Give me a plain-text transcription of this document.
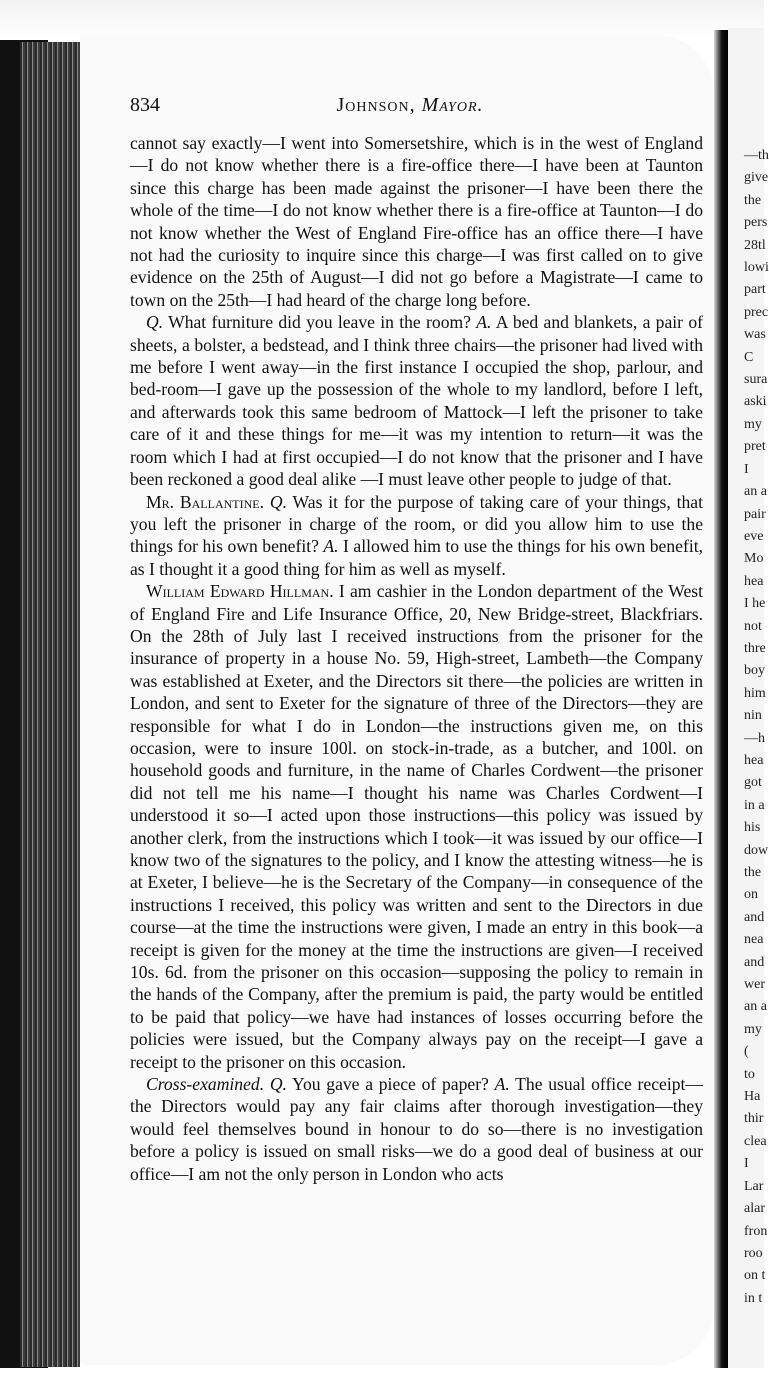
834	Johnson, Mayor.

cannot say exactly—I went into Somersetshire, which is in the west of England—I do not know whether there is a fire-office there—I have been at Taunton since this charge has been made against the prisoner—I have been there the whole of the time—I do not know whether there is a fire-office at Taunton—I do not know whether the West of England Fire-office has an office there—I have not had the curiosity to inquire since this charge—I was first called on to give evidence on the 25th of August—I did not go before a Magistrate—I came to town on the 25th—I had heard of the charge long before.

Q. What furniture did you leave in the room? A. A bed and blankets, a pair of sheets, a bolster, a bedstead, and I think three chairs—the prisoner had lived with me before I went away—in the first instance I occupied the shop, parlour, and bed-room—I gave up the possession of the whole to my landlord, before I left, and afterwards took this same bedroom of Mattock—I left the prisoner to take care of it and these things for me—it was my intention to return—it was the room which I had at first occupied—I do not know that the prisoner and I have been reckoned a good deal alike —I must leave other people to judge of that.

Mr. Ballantine. Q. Was it for the purpose of taking care of your things, that you left the prisoner in charge of the room, or did you allow him to use the things for his own benefit? A. I allowed him to use the things for his own benefit, as I thought it a good thing for him as well as myself.

William Edward Hillman. I am cashier in the London department of the West of England Fire and Life Insurance Office, 20, New Bridge-street, Blackfriars. On the 28th of July last I received instructions from the prisoner for the insurance of property in a house No. 59, High-street, Lambeth—the Company was established at Exeter, and the Directors sit there—the policies are written in London, and sent to Exeter for the signature of three of the Directors—they are responsible for what I do in London—the instructions given me, on this occasion, were to insure 100l. on stock-in-trade, as a butcher, and 100l. on household goods and furniture, in the name of Charles Cordwent—the prisoner did not tell me his name—I thought his name was Charles Cordwent—I understood it so—I acted upon those instructions—this policy was issued by another clerk, from the instructions which I took—it was issued by our office—I know two of the signatures to the policy, and I know the attesting witness—he is at Exeter, I believe—he is the Secretary of the Company—in consequence of the instructions I received, this policy was written and sent to the Directors in due course—at the time the instructions were given, I made an entry in this book—a receipt is given for the money at the time the instructions are given—I received 10s. 6d. from the prisoner on this occasion—supposing the policy to remain in the hands of the Company, after the premium is paid, the party would be entitled to be paid that policy—we have had instances of losses occurring before the policies were issued, but the Company always pay on the receipt—I gave a receipt to the prisoner on this occasion.

Cross-examined. Q. You gave a piece of paper? A. The usual office receipt—the Directors would pay any fair claims after thorough investigation—they would feel themselves bound in honour to do so—there is no investigation before a policy is issued on small risks—we do a good deal of business at our office—I am not the only person in London who acts

—th
give
the
pers
28tl
lowi
part
prec
was
C
sura
aski
my
pret
I
an a
pair
eve
Mo
hea
I he
not
thre
boy
him
nin
—h
hea
got
in a
his
dow
the
on
and
nea
and
wer
an a
my
(
to
Ha
thir
clea
I
Lar
alar
fron
roo
on t
in t
